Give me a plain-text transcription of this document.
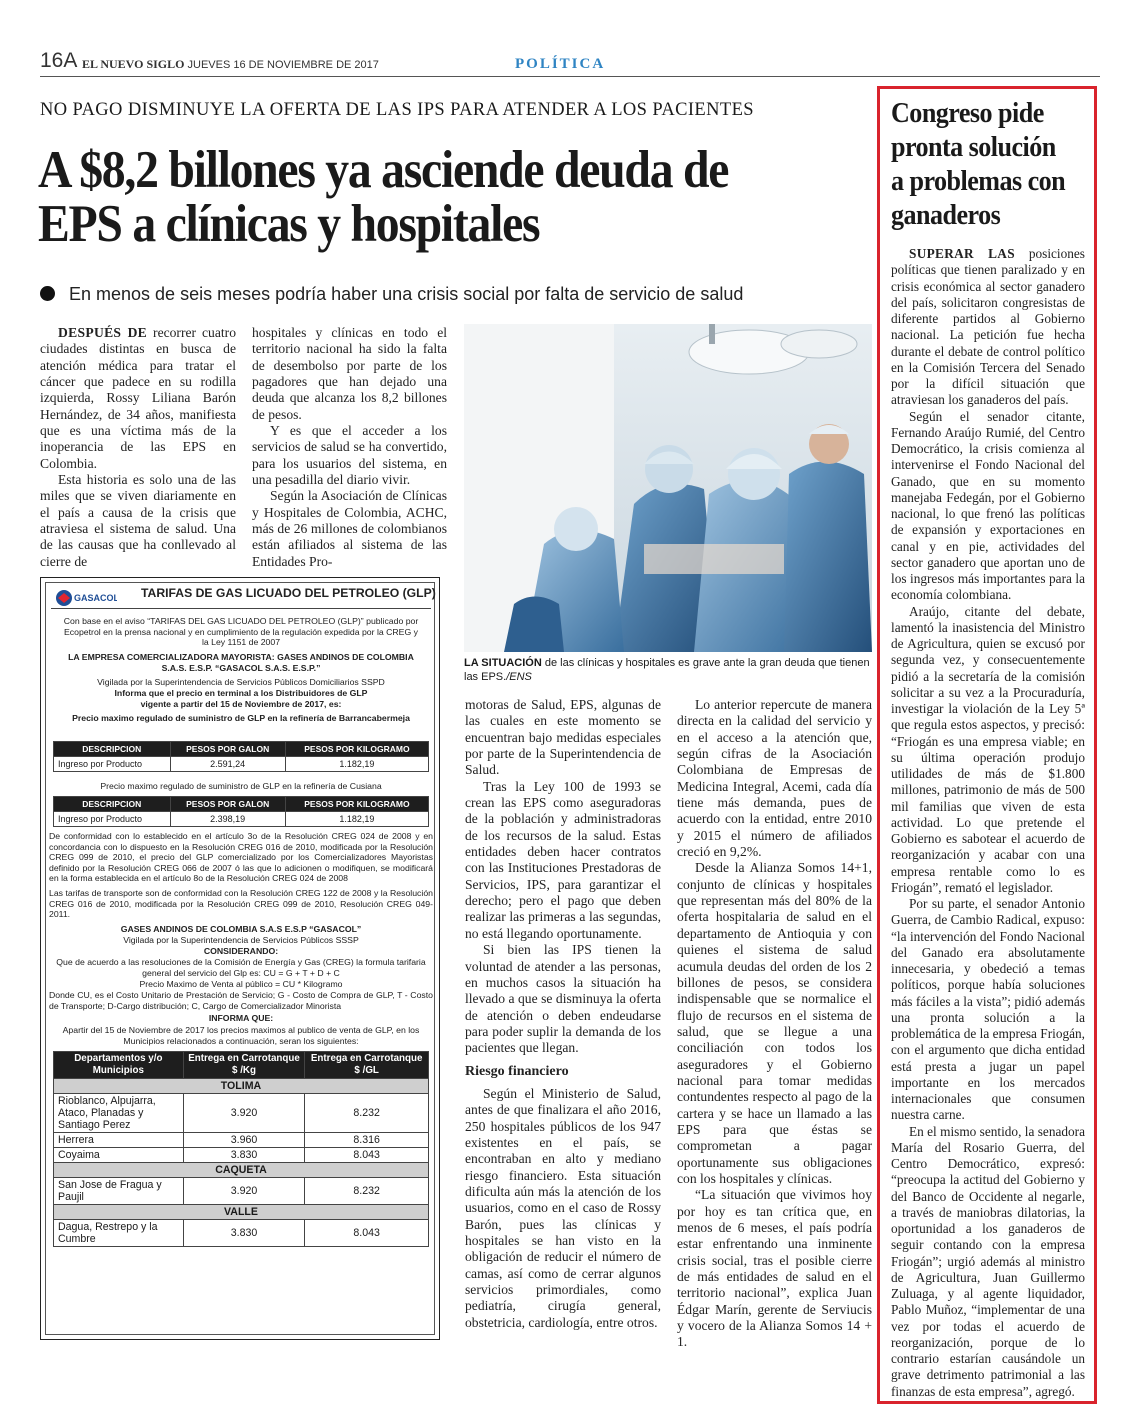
16A EL NUEVO SIGLO JUEVES 16 DE NOVIEMBRE DE 2017	POLÍTICA
NO PAGO DISMINUYE LA OFERTA DE LAS IPS PARA ATENDER A LOS PACIENTES
A $8,2 billones ya asciende deuda de EPS a clínicas y hospitales
En menos de seis meses podría haber una crisis social por falta de servicio de salud

DESPUÉS DE recorrer cuatro ciudades distintas en busca de atención médica para tratar el cáncer que padece en su rodilla izquierda, Rossy Liliana Barón Hernández, de 34 años, manifiesta que es una víctima más de la inoperancia de las EPS en Colombia.

Esta historia es solo una de las miles que se viven diariamente en el país a causa de la crisis que atraviesa el sistema de salud. Una de las causas que ha conllevado al cierre de

hospitales y clínicas en todo el territorio nacional ha sido la falta de desembolso por parte de los pagadores que han dejado una deuda que alcanza los 8,2 billones de pesos.

Y es que el acceder a los servicios de salud se ha convertido, para los usuarios del sistema, en una pesadilla del diario vivir.

Según la Asociación de Clínicas y Hospitales de Colombia, ACHC, más de 26 millones de colombianos están afiliados al sistema de las Entidades Pro-

LA SITUACIÓN de las clínicas y hospitales es grave ante la gran deuda que tienen las EPS./ENS

motoras de Salud, EPS, algunas de las cuales en este momento se encuentran bajo medidas especiales por parte de la Superintendencia de Salud.

Tras la Ley 100 de 1993 se crean las EPS como aseguradoras de la población y administradoras de los recursos de la salud. Estas entidades deben hacer contratos con las Instituciones Prestadoras de Servicios, IPS, para garantizar el derecho; pero el pago que deben realizar las primeras a las segundas, no está llegando oportunamente.

Si bien las IPS tienen la voluntad de atender a las personas, en muchos casos la situación ha llevado a que se disminuya la oferta de atención o deben endeudarse para poder suplir la demanda de los pacientes que llegan.

Riesgo financiero

Según el Ministerio de Salud, antes de que finalizara el año 2016, 250 hospitales públicos de los 947 existentes en el país, se encontraban en alto y mediano riesgo financiero. Esta situación dificulta aún más la atención de los usuarios, como en el caso de Rossy Barón, pues las clínicas y hospitales se han visto en la obligación de reducir el número de camas, así como de cerrar algunos servicios primordiales, como pediatría, cirugía general, obstetricia, cardiología, entre otros.

Lo anterior repercute de manera directa en la calidad del servicio y en el acceso a la atención que, según cifras de la Asociación Colombiana de Empresas de Medicina Integral, Acemi, cada día tiene más demanda, pues de acuerdo con la entidad, entre 2010 y 2015 el número de afiliados creció en 9,2%.

Desde la Alianza Somos 14+1, conjunto de clínicas y hospitales que representan más del 80% de la oferta hospitalaria de salud en el departamento de Antioquia y con quienes el sistema de salud acumula deudas del orden de los 2 billones de pesos, se considera indispensable que se normalice el flujo de recursos en el sistema de salud, que se llegue a una conciliación con todos los aseguradores y el Gobierno nacional para tomar medidas contundentes respecto al pago de la cartera y se hace un llamado a las EPS para que éstas se comprometan a pagar oportunamente sus obligaciones con los hospitales y clínicas.

“La situación que vivimos hoy por hoy es tan crítica que, en menos de 6 meses, el país podría estar enfrentando una inminente crisis social, tras el posible cierre de más entidades de salud en el territorio nacional”, explica Juan Édgar Marín, gerente de Serviucis y vocero de la Alianza Somos 14 + 1.

Congreso pide pronta solución a problemas con ganaderos

SUPERAR LAS posiciones políticas que tienen paralizado y en crisis económica al sector ganadero del país, solicitaron congresistas de diferente partidos al Gobierno nacional. La petición fue hecha durante el debate de control político en la Comisión Tercera del Senado por la difícil situación que atraviesan los ganaderos del país.

Según el senador citante, Fernando Araújo Rumié, del Centro Democrático, la crisis comienza al intervenirse el Fondo Nacional del Ganado, que en su momento manejaba Fedegán, por el Gobierno nacional, lo que frenó las políticas de expansión y exportaciones en canal y en pie, actividades del sector ganadero que aportan uno de los ingresos más importantes para la economía colombiana.

Araújo, citante del debate, lamentó la inasistencia del Ministro de Agricultura, quien se excusó por segunda vez, y consecuentemente pidió a la secretaría de la comisión solicitar a su vez a la Procuraduría, investigar la violación de la Ley 5ª que regula estos aspectos, y precisó: “Friogán es una empresa viable; en su última operación produjo utilidades de más de $1.800 millones, patrimonio de más de 500 mil familias que viven de esta actividad. Lo que pretende el Gobierno es sabotear el acuerdo de reorganización y acabar con una empresa rentable como lo es Friogán”, remató el legislador.

Por su parte, el senador Antonio Guerra, de Cambio Radical, expuso: “la intervención del Fondo Nacional del Ganado era absolutamente innecesaria, y obedeció a temas políticos, porque había soluciones más fáciles a la vista”; pidió además una pronta solución a la problemática de la empresa Friogán, con el argumento que dicha entidad está presta a jugar un papel importante en los mercados internacionales que consumen nuestra carne.

En el mismo sentido, la senadora María del Rosario Guerra, del Centro Democrático, expresó: “preocupa la actitud del Gobierno y del Banco de Occidente al negarle, a través de maniobras dilatorias, la oportunidad a los ganaderos de seguir contando con la empresa Friogán”; urgió además al ministro de Agricultura, Juan Guillermo Zuluaga, y al agente liquidador, Pablo Muñoz, “implementar de una vez por todas el acuerdo de reorganización, porque de lo contrario estarían causándole un grave detrimento patrimonial a las finanzas de esta empresa”, agregó.

GASACOL TARIFAS DE GAS LICUADO DEL PETROLEO (GLP)
Con base en el aviso “TARIFAS DEL GAS LICUADO DEL PETROLEO (GLP)” publicado por Ecopetrol en la prensa nacional y en cumplimiento de la regulación expedida por la CREG y la Ley 1151 de 2007
LA EMPRESA COMERCIALIZADORA MAYORISTA: GASES ANDINOS DE COLOMBIA S.A.S. E.S.P. “GASACOL S.A.S. E.S.P.”
Vigilada por la Superintendencia de Servicios Públicos Domiciliarios SSPD
Informa que el precio en terminal a los Distribuidores de GLP vigente a partir del 15 de Noviembre de 2017, es:
Precio maximo regulado de suministro de GLP en la refinería de Barrancabermeja
DESCRIPCION	PESOS POR GALON	PESOS POR KILOGRAMO
Ingreso por Producto	2.591,24	1.182,19
Precio maximo regulado de suministro de GLP en la refinería de Cusiana
DESCRIPCION	PESOS POR GALON	PESOS POR KILOGRAMO
Ingreso por Producto	2.398,19	1.182,19
De conformidad con lo establecido en el artículo 3o de la Resolución CREG 024 de 2008 y en concordancia con lo dispuesto en la Resolución CREG 016 de 2010, modificada por la Resolución CREG 099 de 2010, el precio del GLP comercializado por los Comercializadores Mayoristas definido por la Resolución CREG 066 de 2007 ó las que lo adicionen o modifiquen, se modificará en la forma establecida en el artículo 8o de la Resolución CREG 024 de 2008
Las tarifas de transporte son de conformidad con la Resolución CREG 122 de 2008 y la Resolución CREG 016 de 2010, modificada por la Resolución CREG 099 de 2010, Resolución CREG 049-2011.
GASES ANDINOS DE COLOMBIA S.A.S E.S.P “GASACOL”
Vigilada por la Superintendencia de Servicios Públicos SSSP
CONSIDERANDO:
Que de acuerdo a las resoluciones de la Comisión de Energía y Gas (CREG) la formula tarifaria general del servicio del Glp es: CU = G + T + D + C
Precio Maximo de Venta al público = CU * Kilogramo
Donde CU, es el Costo Unitario de Prestación de Servicio; G - Costo de Compra de GLP, T - Costo de Transporte; D-Cargo distribución; C, Cargo de Comercializador Minorista
INFORMA QUE:
Apartir del 15 de Noviembre de 2017 los precios maximos al publico de venta de GLP, en los Municipios relacionados a continuación, seran los siguientes:
Departamentos y/o Municipios	Entrega en Carrotanque $ /Kg	Entrega en Carrotanque $ /GL
TOLIMA		
Rioblanco, Alpujarra, Ataco, Planadas y Santiago Perez	3.920	8.232
Herrera	3.960	8.316
Coyaima	3.830	8.043
CAQUETA		
San Jose de Fragua y Paujil	3.920	8.232
VALLE		
Dagua, Restrepo y la Cumbre	3.830	8.043
